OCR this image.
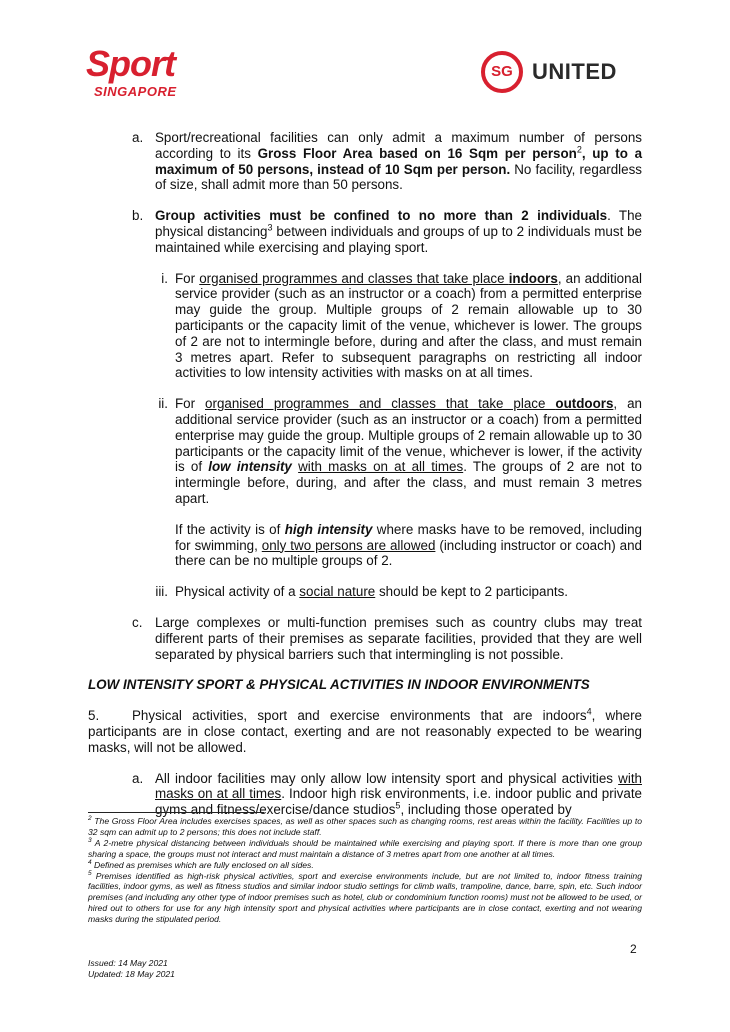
Sport
SINGAPORE
SG UNITED
a. Sport/recreational facilities can only admit a maximum number of persons according to its Gross Floor Area based on 16 Sqm per person$^2$, up to a maximum of 50 persons, instead of 10 Sqm per person. No facility, regardless of size, shall admit more than 50 persons.
b. Group activities must be confined to no more than 2 individuals. The physical distancing$^3$ between individuals and groups of up to 2 individuals must be maintained while exercising and playing sport.
i. For organised programmes and classes that take place indoors, an additional service provider (such as an instructor or a coach) from a permitted enterprise may guide the group. Multiple groups of 2 remain allowable up to 30 participants or the capacity limit of the venue, whichever is lower. The groups of 2 are not to intermingle before, during and after the class, and must remain 3 metres apart. Refer to subsequent paragraphs on restricting all indoor activities to low intensity activities with masks on at all times.
ii. For organised programmes and classes that take place outdoors, an additional service provider (such as an instructor or a coach) from a permitted enterprise may guide the group. Multiple groups of 2 remain allowable up to 30 participants or the capacity limit of the venue, whichever is lower, if the activity is of low intensity with masks on at all times. The groups of 2 are not to intermingle before, during, and after the class, and must remain 3 metres apart.
If the activity is of high intensity where masks have to be removed, including for swimming, only two persons are allowed (including instructor or coach) and there can be no multiple groups of 2.
iii. Physical activity of a social nature should be kept to 2 participants.
c. Large complexes or multi-function premises such as country clubs may treat different parts of their premises as separate facilities, provided that they are well separated by physical barriers such that intermingling is not possible.

LOW INTENSITY SPORT & PHYSICAL ACTIVITIES IN INDOOR ENVIRONMENTS

5. Physical activities, sport and exercise environments that are indoors$^4$, where participants are in close contact, exerting and are not reasonably expected to be wearing masks, will not be allowed.
a. All indoor facilities may only allow low intensity sport and physical activities with masks on at all times. Indoor high risk environments, i.e. indoor public and private gyms and fitness/exercise/dance studios$^5$, including those operated by

$^2$ The Gross Floor Area includes exercises spaces, as well as other spaces such as changing rooms, rest areas within the facility. Facilities up to 32 sqm can admit up to 2 persons; this does not include staff.

$^3$ A 2-metre physical distancing between individuals should be maintained while exercising and playing sport. If there is more than one group sharing a space, the groups must not interact and must maintain a distance of 3 metres apart from one another at all times.

$^4$ Defined as premises which are fully enclosed on all sides.

$^5$ Premises identified as high-risk physical activities, sport and exercise environments include, but are not limited to, indoor fitness training facilities, indoor gyms, as well as fitness studios and similar indoor studio settings for climb walls, trampoline, dance, barre, spin, etc. Such indoor premises (and including any other type of indoor premises such as hotel, club or condominium function rooms) must not be allowed to be used, or hired out to others for use for any high intensity sport and physical activities where participants are in close contact, exerting and not wearing masks during the stipulated period.

2
Issued: 14 May 2021
Updated: 18 May 2021
